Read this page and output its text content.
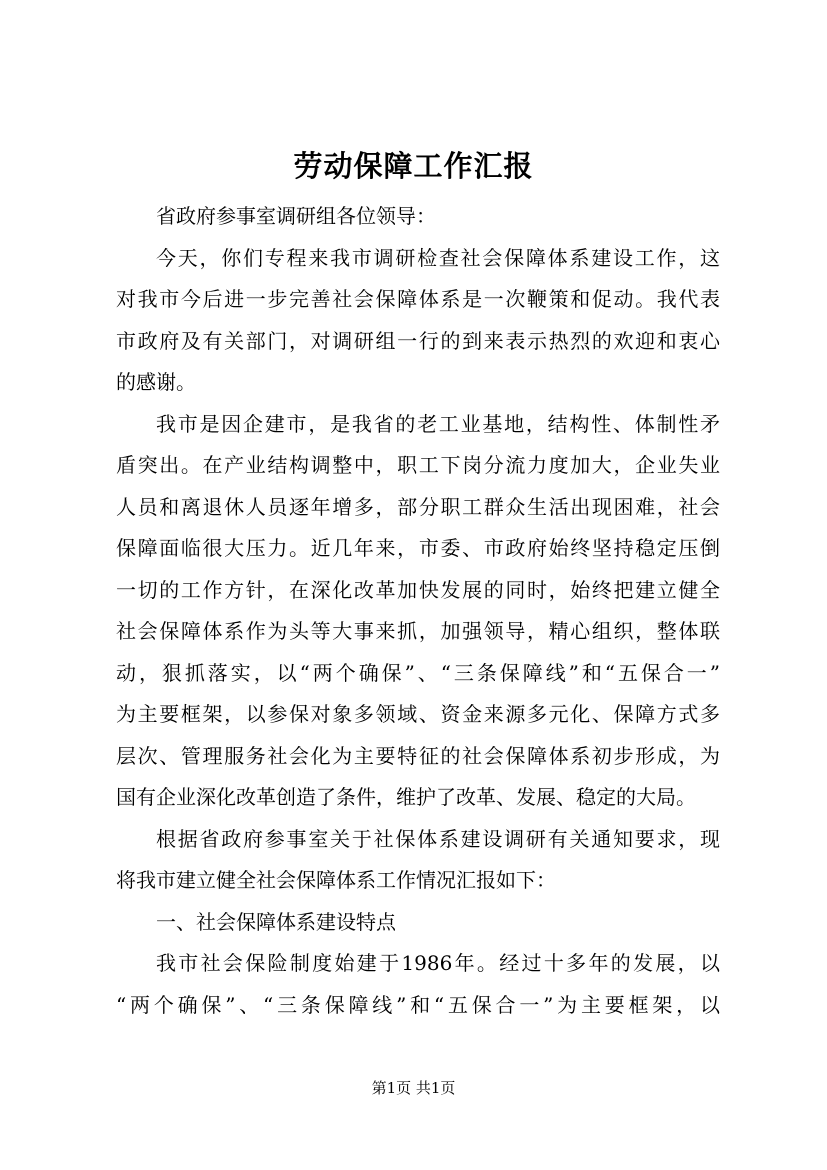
劳动保障工作汇报
省政府参事室调研组各位领导：
今天，你们专程来我市调研检查社会保障体系建设工作，这
对我市今后进一步完善社会保障体系是一次鞭策和促动。我代表
市政府及有关部门，对调研组一行的到来表示热烈的欢迎和衷心
的感谢。
我市是因企建市，是我省的老工业基地，结构性、体制性矛
盾突出。在产业结构调整中，职工下岗分流力度加大，企业失业
人员和离退休人员逐年增多，部分职工群众生活出现困难，社会
保障面临很大压力。近几年来，市委、市政府始终坚持稳定压倒
一切的工作方针，在深化改革加快发展的同时，始终把建立健全
社会保障体系作为头等大事来抓，加强领导，精心组织，整体联
动，狠抓落实，以“两个确保”、“三条保障线”和“五保合一”
为主要框架，以参保对象多领域、资金来源多元化、保障方式多
层次、管理服务社会化为主要特征的社会保障体系初步形成，为
国有企业深化改革创造了条件，维护了改革、发展、稳定的大局。
根据省政府参事室关于社保体系建设调研有关通知要求，现
将我市建立健全社会保障体系工作情况汇报如下：
一、社会保障体系建设特点
我市社会保险制度始建于1986年。经过十多年的发展，以
“两个确保”、“三条保障线”和“五保合一”为主要框架，以
第1页 共1页
